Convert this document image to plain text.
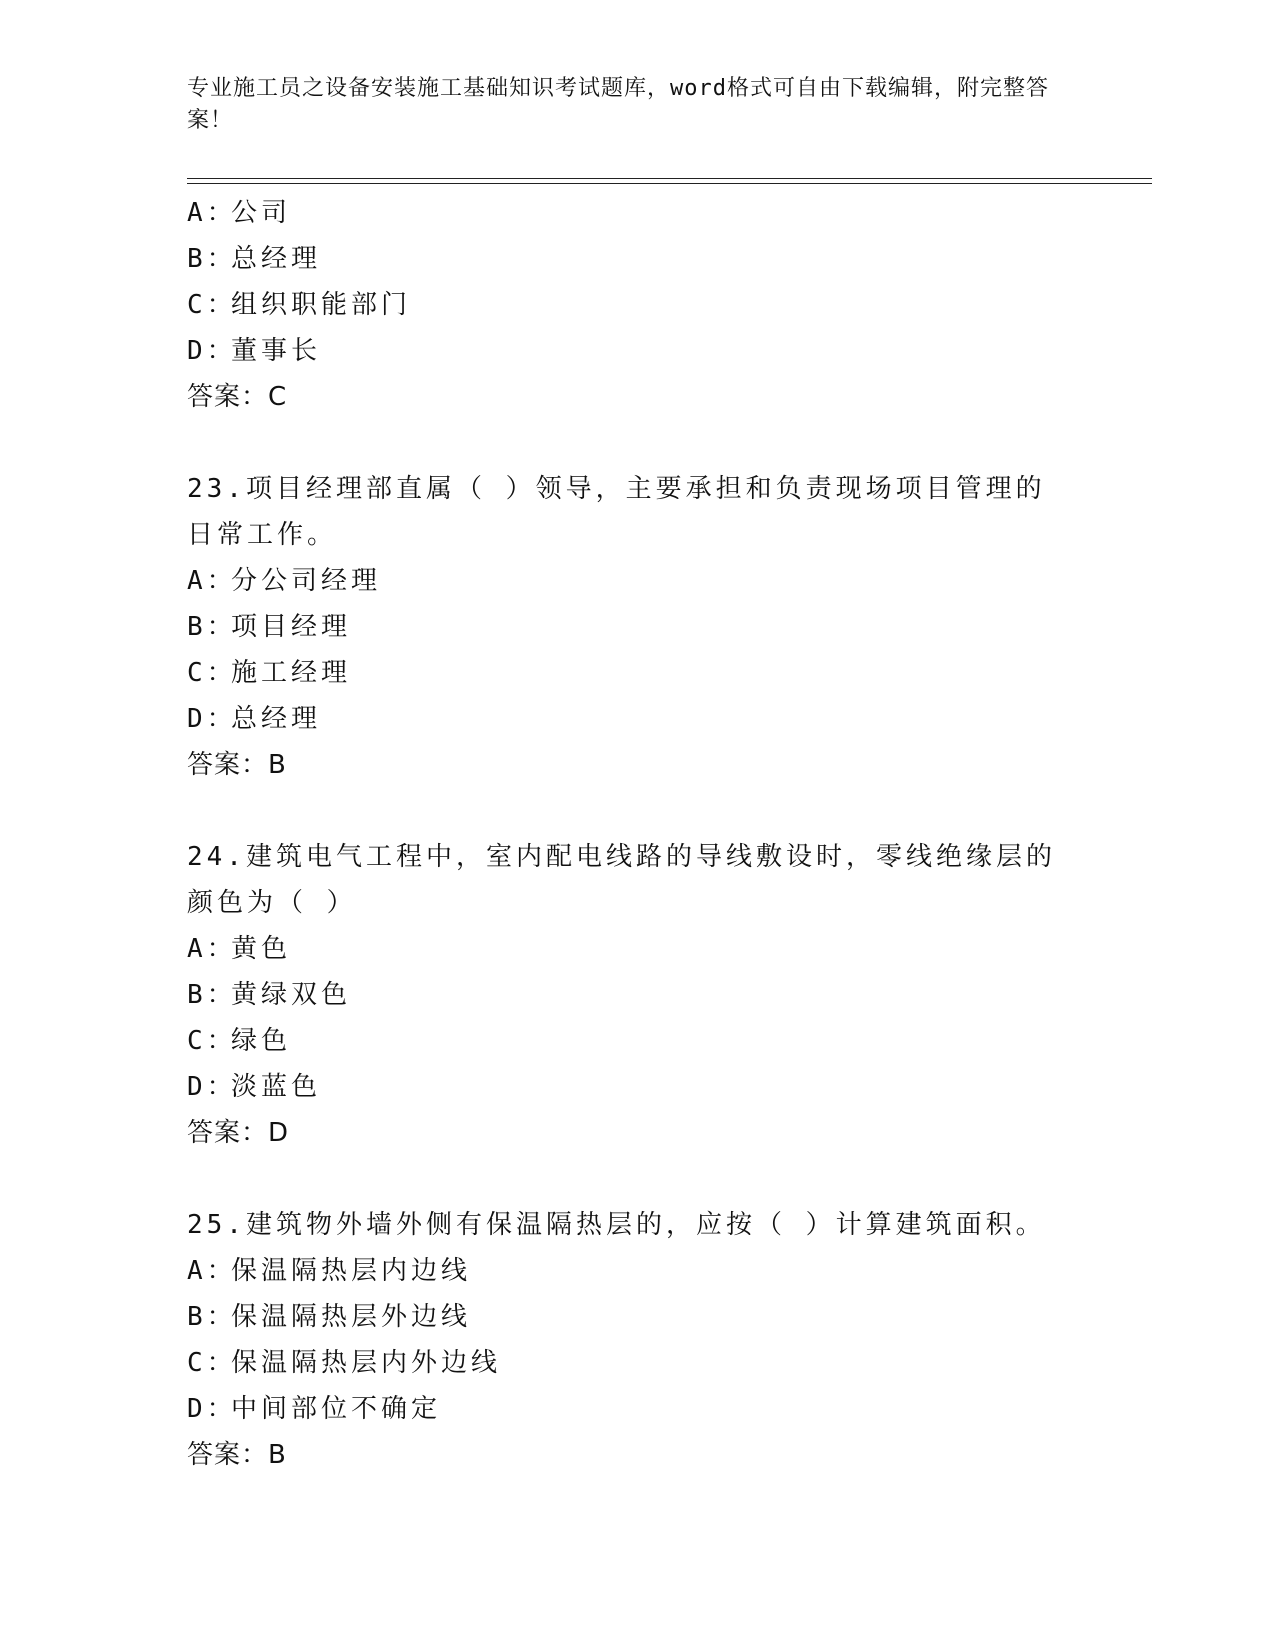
专业施工员之设备安装施工基础知识考试题库，word格式可自由下载编辑，附完整答案！
A：公司
B：总经理
C：组织职能部门
D：董事长
答案：C
23.项目经理部直属（ ）领导，主要承担和负责现场项目管理的日常工作。
A：分公司经理
B：项目经理
C：施工经理
D：总经理
答案：B
24.建筑电气工程中，室内配电线路的导线敷设时，零线绝缘层的颜色为（ ）
A：黄色
B：黄绿双色
C：绿色
D：淡蓝色
答案：D
25.建筑物外墙外侧有保温隔热层的，应按（ ）计算建筑面积。
A：保温隔热层内边线
B：保温隔热层外边线
C：保温隔热层内外边线
D：中间部位不确定
答案：B
